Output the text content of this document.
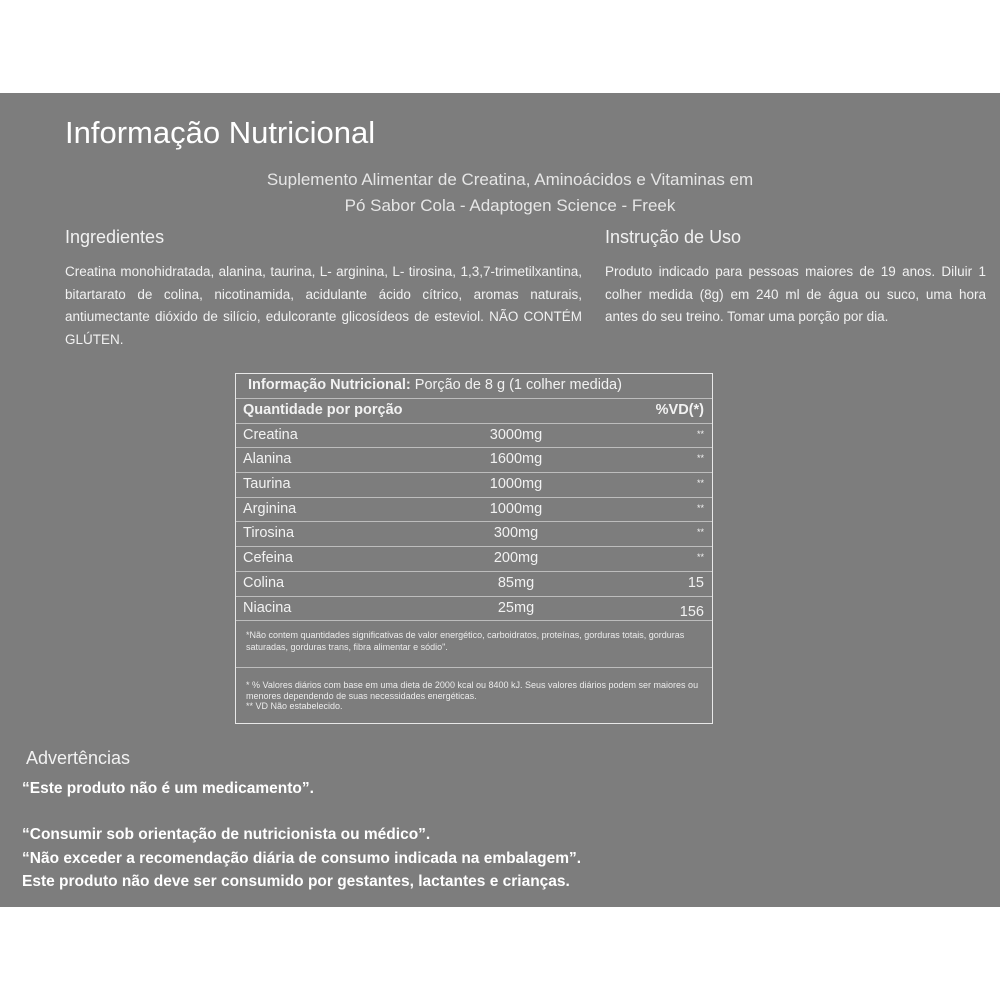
Informação Nutricional
Suplemento Alimentar de Creatina, Aminoácidos e Vitaminas em
Pó Sabor Cola - Adaptogen Science - Freek
Ingredientes
Creatina monohidratada, alanina, taurina, L- arginina, L- tirosina, 1,3,7-trimetilxantina, bitartarato de colina, nicotinamida, acidulante ácido cítrico, aromas naturais, antiumectante dióxido de silício, edulcorante glicosídeos de esteviol. NÃO CONTÉM GLÚTEN.
Instrução de Uso
Produto indicado para pessoas maiores de 19 anos. Diluir 1 colher medida (8g) em 240 ml de água ou suco, uma hora antes do seu treino. Tomar uma porção por dia.
Informação Nutricional: Porção de 8 g (1 colher medida)
Quantidade por porção	%VD(*)
Creatina	3000mg	**
Alanina	1600mg	**
Taurina	1000mg	**
Arginina	1000mg	**
Tirosina	300mg	**
Cefeina	200mg	**
Colina	85mg	15
Niacina	25mg	156
*Não contem quantidades significativas de valor energético, carboidratos, proteínas, gorduras totais, gorduras saturadas, gorduras trans, fibra alimentar e sódio".
* % Valores diários com base em uma dieta de 2000 kcal ou 8400 kJ. Seus valores diários podem ser maiores ou menores dependendo de suas necessidades energéticas.
** VD Não estabelecido.
Advertências
“Este produto não é um medicamento”.
“Consumir sob orientação de nutricionista ou médico”.
“Não exceder a recomendação diária de consumo indicada na embalagem”.
Este produto não deve ser consumido por gestantes, lactantes e crianças.
